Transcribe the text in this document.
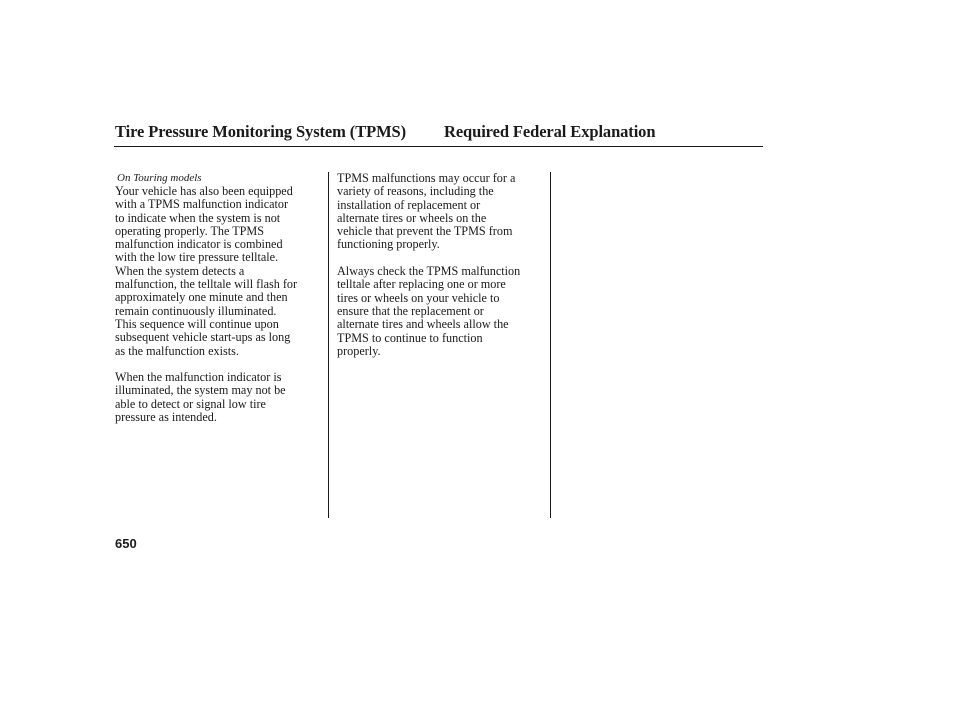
Tire Pressure Monitoring System (TPMS) Required Federal Explanation
On Touring models
Your vehicle has also been equipped
with a TPMS malfunction indicator
to indicate when the system is not
operating properly. The TPMS
malfunction indicator is combined
with the low tire pressure telltale.
When the system detects a
malfunction, the telltale will flash for
approximately one minute and then
remain continuously illuminated.
This sequence will continue upon
subsequent vehicle start-ups as long
as the malfunction exists.
When the malfunction indicator is
illuminated, the system may not be
able to detect or signal low tire
pressure as intended.
TPMS malfunctions may occur for a
variety of reasons, including the
installation of replacement or
alternate tires or wheels on the
vehicle that prevent the TPMS from
functioning properly.
Always check the TPMS malfunction
telltale after replacing one or more
tires or wheels on your vehicle to
ensure that the replacement or
alternate tires and wheels allow the
TPMS to continue to function
properly.
650
